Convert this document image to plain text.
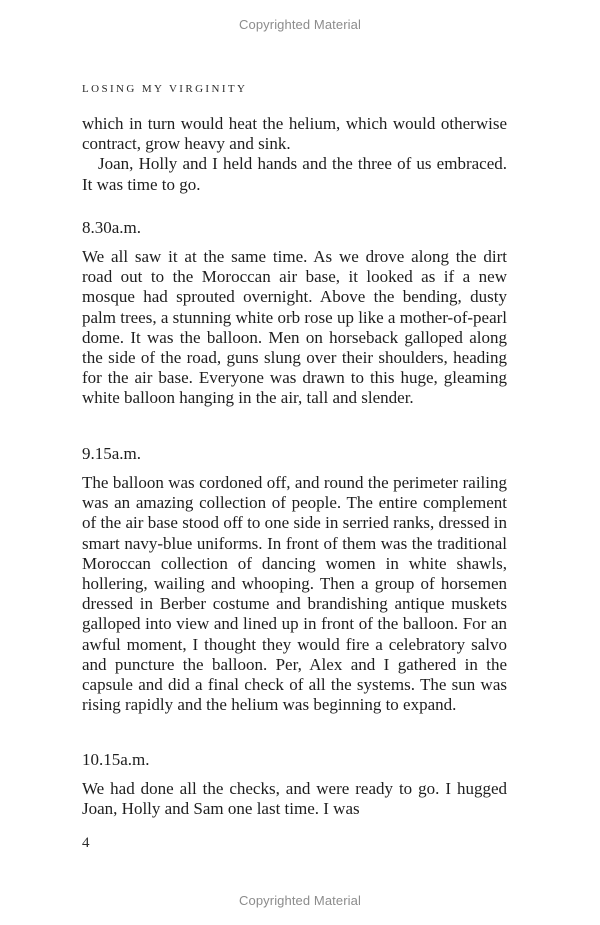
Copyrighted Material
LOSING MY VIRGINITY

which in turn would heat the helium, which would otherwise contract, grow heavy and sink.

Joan, Holly and I held hands and the three of us embraced. It was time to go.

8.30a.m.

We all saw it at the same time. As we drove along the dirt road out to the Moroccan air base, it looked as if a new mosque had sprouted overnight. Above the bending, dusty palm trees, a stunning white orb rose up like a mother-of-pearl dome. It was the balloon. Men on horseback galloped along the side of the road, guns slung over their shoulders, heading for the air base. Everyone was drawn to this huge, gleaming white balloon hanging in the air, tall and slender.

9.15a.m.

The balloon was cordoned off, and round the perimeter railing was an amazing collection of people. The entire complement of the air base stood off to one side in serried ranks, dressed in smart navy-blue uniforms. In front of them was the traditional Moroccan collection of dancing women in white shawls, hollering, wailing and whooping. Then a group of horsemen dressed in Berber costume and brandishing antique muskets galloped into view and lined up in front of the balloon. For an awful moment, I thought they would fire a celebratory salvo and puncture the balloon. Per, Alex and I gathered in the capsule and did a final check of all the systems. The sun was rising rapidly and the helium was beginning to expand.

10.15a.m.

We had done all the checks, and were ready to go. I hugged Joan, Holly and Sam one last time. I was

4
Copyrighted Material
